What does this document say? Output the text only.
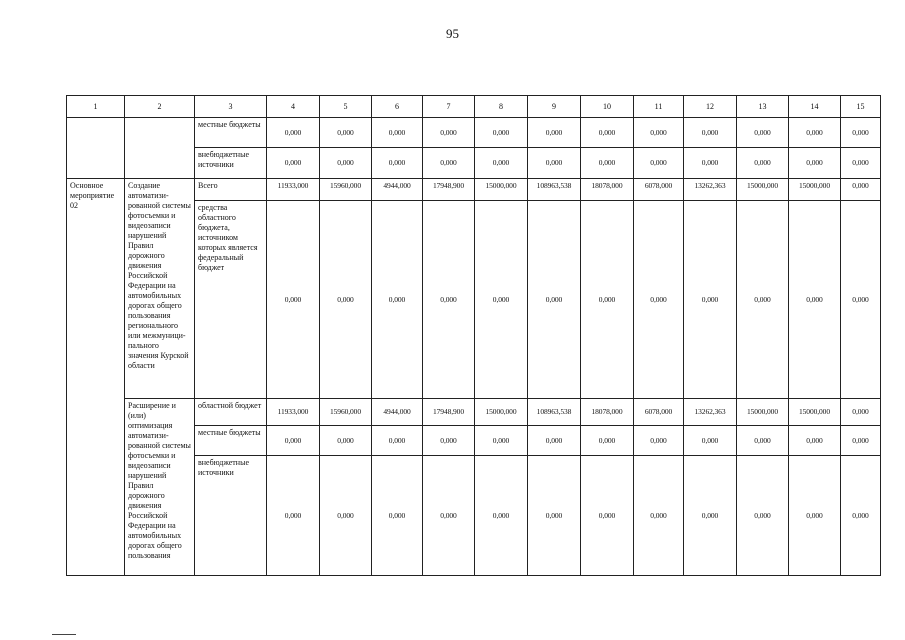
95
1	2	3	4	5	6	7	8	9	10	11	12	13	14	15
		местные бюджеты	0,000	0,000	0,000	0,000	0,000	0,000	0,000	0,000	0,000	0,000	0,000	0,000
		внебюджетные источники	0,000	0,000	0,000	0,000	0,000	0,000	0,000	0,000	0,000	0,000	0,000	0,000
Основное мероприятие 02	Создание автоматизи-рованной системы фотосъемки и видеозаписи нарушений Правил дорожного движения Российской Федерации на автомобильных дорогах общего пользования регионального или межмуници-пального значения Курской области	Всего	11933,000	15960,000	4944,000	17948,900	15000,000	108963,538	18078,000	6078,000	13262,363	15000,000	15000,000	0,000
		средства областного бюджета, источником которых является федеральный бюджет	0,000	0,000	0,000	0,000	0,000	0,000	0,000	0,000	0,000	0,000	0,000	0,000
	Расширение и (или) оптимизация автоматизи-рованной системы фотосъемки и видеозаписи нарушений Правил дорожного движения Российской Федерации на автомобильных дорогах общего пользования	областной бюджет	11933,000	15960,000	4944,000	17948,900	15000,000	108963,538	18078,000	6078,000	13262,363	15000,000	15000,000	0,000
		местные бюджеты	0,000	0,000	0,000	0,000	0,000	0,000	0,000	0,000	0,000	0,000	0,000	0,000
		внебюджетные источники	0,000	0,000	0,000	0,000	0,000	0,000	0,000	0,000	0,000	0,000	0,000	0,000
